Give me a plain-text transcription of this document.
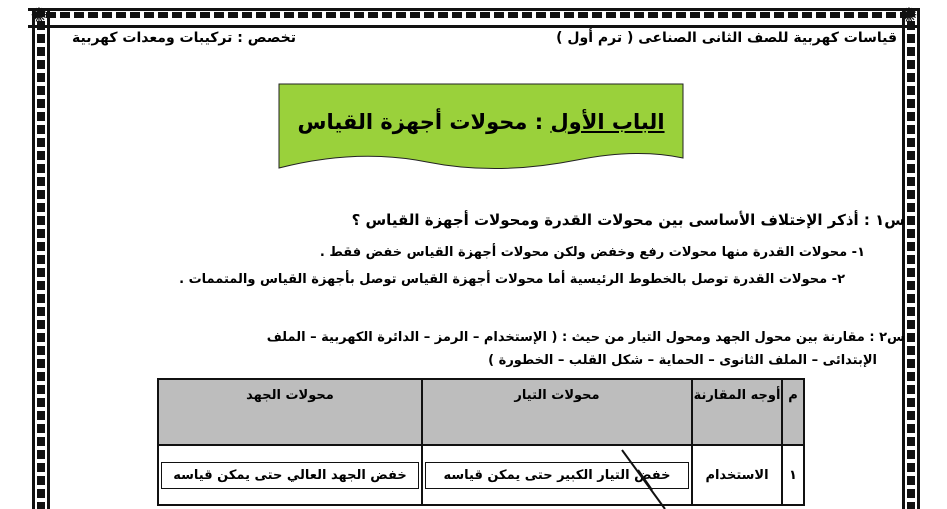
✺	✺
قياسات كهربية للصف الثانى الصناعى ( ترم أول )
تخصص : تركيبات ومعدات كهربية
الباب الأول : محولات أجهزة القياس
س١ : أذكر الإختلاف الأساسى بين محولات القدرة ومحولات أجهزة القياس ؟
١- محولات القدرة منها محولات رفع وخفض ولكن محولات أجهزة القياس خفض فقط .
٢- محولات القدرة توصل بالخطوط الرئيسية أما محولات أجهزة القياس توصل بأجهزة القياس والمتممات .
س٢ : مقارنة بين محول الجهد ومحول التيار من حيث : ( الإستخدام – الرمز – الدائرة الكهربية – الملف
الإبتدائى – الملف الثانوى – الحماية – شكل القلب – الخطورة )
م	أوجه المقارنة	محولات التيار	محولات الجهد
١	الاستخدام	خفض التيار الكبير حتى يمكن قياسه	خفض الجهد العالي حتى يمكن قياسه
